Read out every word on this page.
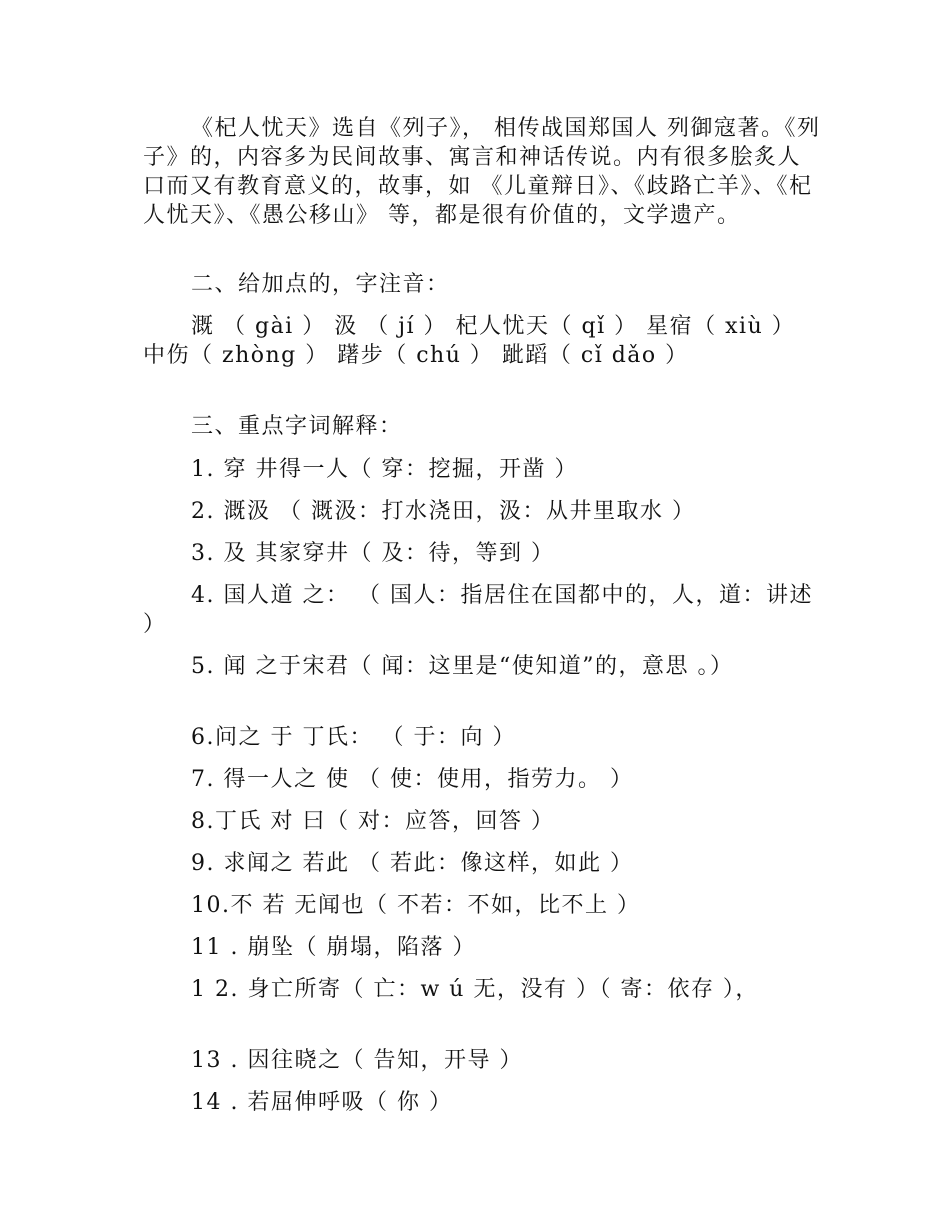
《杞人忧天》选自《列子》， 相传战国郑国人 列御寇著。《列子》的，内容多为民间故事、寓言和神话传说。内有很多脍炙人口而又有教育意义的，故事，如 《儿童辩日》、《歧路亡羊》、《杞人忧天》、《愚公移山》 等，都是很有价值的，文学遗产。

二、给加点的，字注音：

溉 （ gài ） 汲 （ jí ） 杞人忧天（ qǐ ） 星宿（ xiù ） 中伤（ zhòng ） 躇步（ chú ） 跐蹈（ cǐ dǎo ）

三、重点字词解释：

1. 穿 井得一人（ 穿：挖掘，开凿 ）

2. 溉汲 （ 溉汲：打水浇田，汲：从井里取水 ）

3. 及 其家穿井（ 及：待，等到 ）

4. 国人道 之： （ 国人：指居住在国都中的，人，道：讲述 ）

5. 闻 之于宋君（ 闻：这里是“使知道”的，意思 。）

6.问之 于 丁氏： （ 于：向 ）

7. 得一人之 使 （ 使：使用，指劳力。 ）

8.丁氏 对 曰（ 对：应答，回答 ）

9. 求闻之 若此 （ 若此：像这样，如此 ）

10.不 若 无闻也（ 不若：不如，比不上 ）

11 . 崩坠（ 崩塌，陷落 ）

1 2. 身亡所寄（ 亡：w ú 无，没有 ）（ 寄：依存 ），

13 . 因往晓之（ 告知，开导 ）

14 . 若屈伸呼吸（ 你 ）
